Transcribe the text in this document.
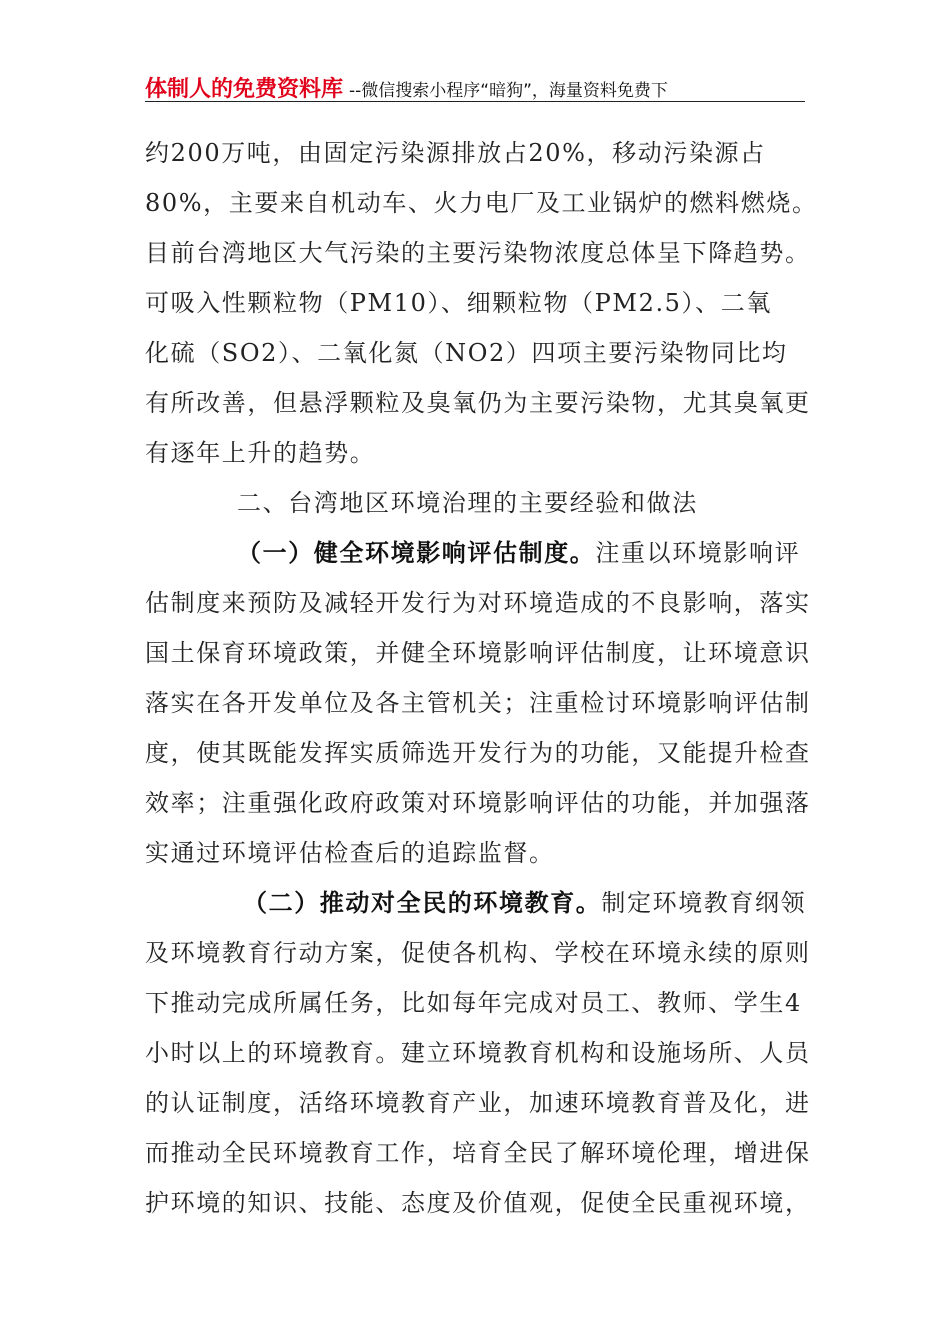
体制人的免费资料库 --微信搜索小程序“暗狗”，海量资料免费下
约200万吨，由固定污染源排放占20%，移动污染源占
80%，主要来自机动车、火力电厂及工业锅炉的燃料燃烧。
目前台湾地区大气污染的主要污染物浓度总体呈下降趋势。
可吸入性颗粒物（PM10）、细颗粒物（PM2.5）、二氧
化硫（SO2）、二氧化氮（NO2）四项主要污染物同比均
有所改善，但悬浮颗粒及臭氧仍为主要污染物，尤其臭氧更
有逐年上升的趋势。
二、台湾地区环境治理的主要经验和做法
（一）健全环境影响评估制度。注重以环境影响评
估制度来预防及减轻开发行为对环境造成的不良影响，落实
国土保育环境政策，并健全环境影响评估制度，让环境意识
落实在各开发单位及各主管机关；注重检讨环境影响评估制
度，使其既能发挥实质筛选开发行为的功能，又能提升检查
效率；注重强化政府政策对环境影响评估的功能，并加强落
实通过环境评估检查后的追踪监督。
（二）推动对全民的环境教育。制定环境教育纲领
及环境教育行动方案，促使各机构、学校在环境永续的原则
下推动完成所属任务，比如每年完成对员工、教师、学生4
小时以上的环境教育。建立环境教育机构和设施场所、人员
的认证制度，活络环境教育产业，加速环境教育普及化，进
而推动全民环境教育工作，培育全民了解环境伦理，增进保
护环境的知识、技能、态度及价值观，促使全民重视环境，
